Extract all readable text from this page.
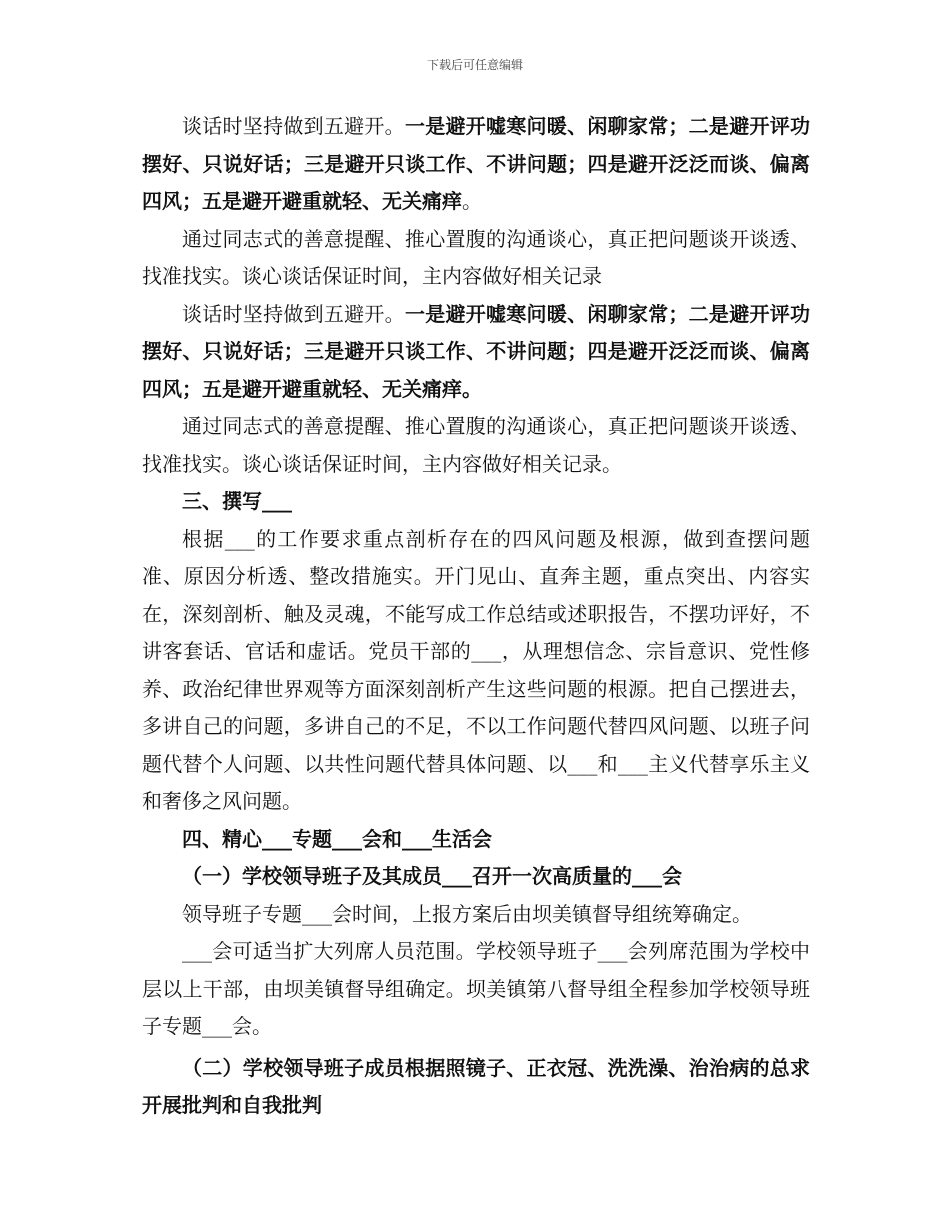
下载后可任意编辑

谈话时坚持做到五避开。一是避开嘘寒问暖、闲聊家常；二是避开评功摆好、只说好话；三是避开只谈工作、不讲问题；四是避开泛泛而谈、偏离四风；五是避开避重就轻、无关痛痒。

通过同志式的善意提醒、推心置腹的沟通谈心，真正把问题谈开谈透、找准找实。谈心谈话保证时间，主内容做好相关记录

谈话时坚持做到五避开。一是避开嘘寒问暖、闲聊家常；二是避开评功摆好、只说好话；三是避开只谈工作、不讲问题；四是避开泛泛而谈、偏离四风；五是避开避重就轻、无关痛痒。

通过同志式的善意提醒、推心置腹的沟通谈心，真正把问题谈开谈透、找准找实。谈心谈话保证时间，主内容做好相关记录。

三、撰写___

根据___的工作要求重点剖析存在的四风问题及根源，做到查摆问题准、原因分析透、整改措施实。开门见山、直奔主题，重点突出、内容实在，深刻剖析、触及灵魂，不能写成工作总结或述职报告，不摆功评好，不讲客套话、官话和虚话。党员干部的___，从理想信念、宗旨意识、党性修养、政治纪律世界观等方面深刻剖析产生这些问题的根源。把自己摆进去，多讲自己的问题，多讲自己的不足，不以工作问题代替四风问题、以班子问题代替个人问题、以共性问题代替具体问题、以___和___主义代替享乐主义和奢侈之风问题。

四、精心___专题___会和___生活会

（一）学校领导班子及其成员___召开一次高质量的___会

领导班子专题___会时间，上报方案后由坝美镇督导组统筹确定。

___会可适当扩大列席人员范围。学校领导班子___会列席范围为学校中层以上干部，由坝美镇督导组确定。坝美镇第八督导组全程参加学校领导班子专题___会。

（二）学校领导班子成员根据照镜子、正衣冠、洗洗澡、治治病的总求开展批判和自我批判
